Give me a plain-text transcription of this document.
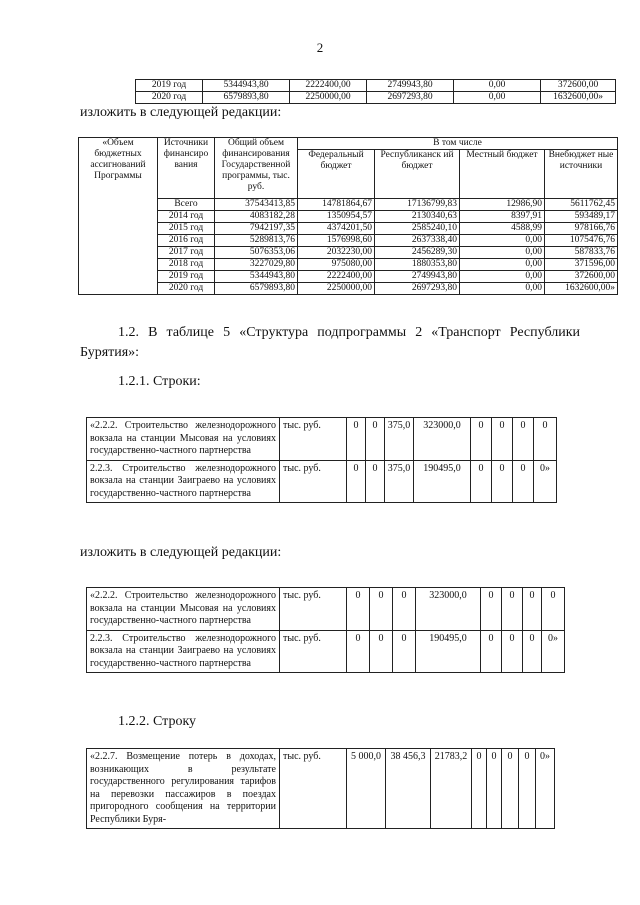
2
2019 год	5344943,80	2222400,00	2749943,80	0,00	372600,00
2020 год	6579893,80	2250000,00	2697293,80	0,00	1632600,00»
изложить в следующей редакции:
«Объем бюджетных ассигнований Программы	Источники финансиро вания	Общий объем финансирования Государственной программы, тыс. руб.	В том числе			
			Федеральный бюджет	Республиканск ий бюджет	Местный бюджет	Внебюджет ные источники
	Всего	37543413,85	14781864,67	17136799,83	12986,90	5611762,45
	2014 год	4083182,28	1350954,57	2130340,63	8397,91	593489,17
	2015 год	7942197,35	4374201,50	2585240,10	4588,99	978166,76
	2016 год	5289813,76	1576998,60	2637338,40	0,00	1075476,76
	2017 год	5076353,06	2032230,00	2456289,30	0,00	587833,76
	2018 год	3227029,80	975080,00	1880353,80	0,00	371596,00
	2019 год	5344943,80	2222400,00	2749943,80	0,00	372600,00
	2020 год	6579893,80	2250000,00	2697293,80	0,00	1632600,00»
1.2. В таблице 5 «Структура подпрограммы 2 «Транспорт Республики Бурятия»:
1.2.1. Строки:
«2.2.2. Строительство железнодорожного вокзала на станции Мысовая на условиях государственно-частного партнерства	тыс. руб.	0	0	375,0	323000,0	0	0	0	0
2.2.3. Строительство железнодорожного вокзала на станции Заиграево на условиях государственно-частного партнерства	тыс. руб.	0	0	375,0	190495,0	0	0	0	0»
изложить в следующей редакции:
«2.2.2. Строительство железнодорожного вокзала на станции Мысовая на условиях государственно-частного партнерства	тыс. руб.	0	0	0	323000,0	0	0	0	0
2.2.3. Строительство железнодорожного вокзала на станции Заиграево на условиях государственно-частного партнерства	тыс. руб.	0	0	0	190495,0	0	0	0	0»
1.2.2. Строку
«2.2.7. Возмещение потерь в доходах, возникающих в результате государственного регулирования тарифов на перевозки пассажиров в поездах пригородного сообщения на территории Республики Буря-	тыс. руб.	5 000,0	38 456,3	21783,2	0	0	0	0	0»
